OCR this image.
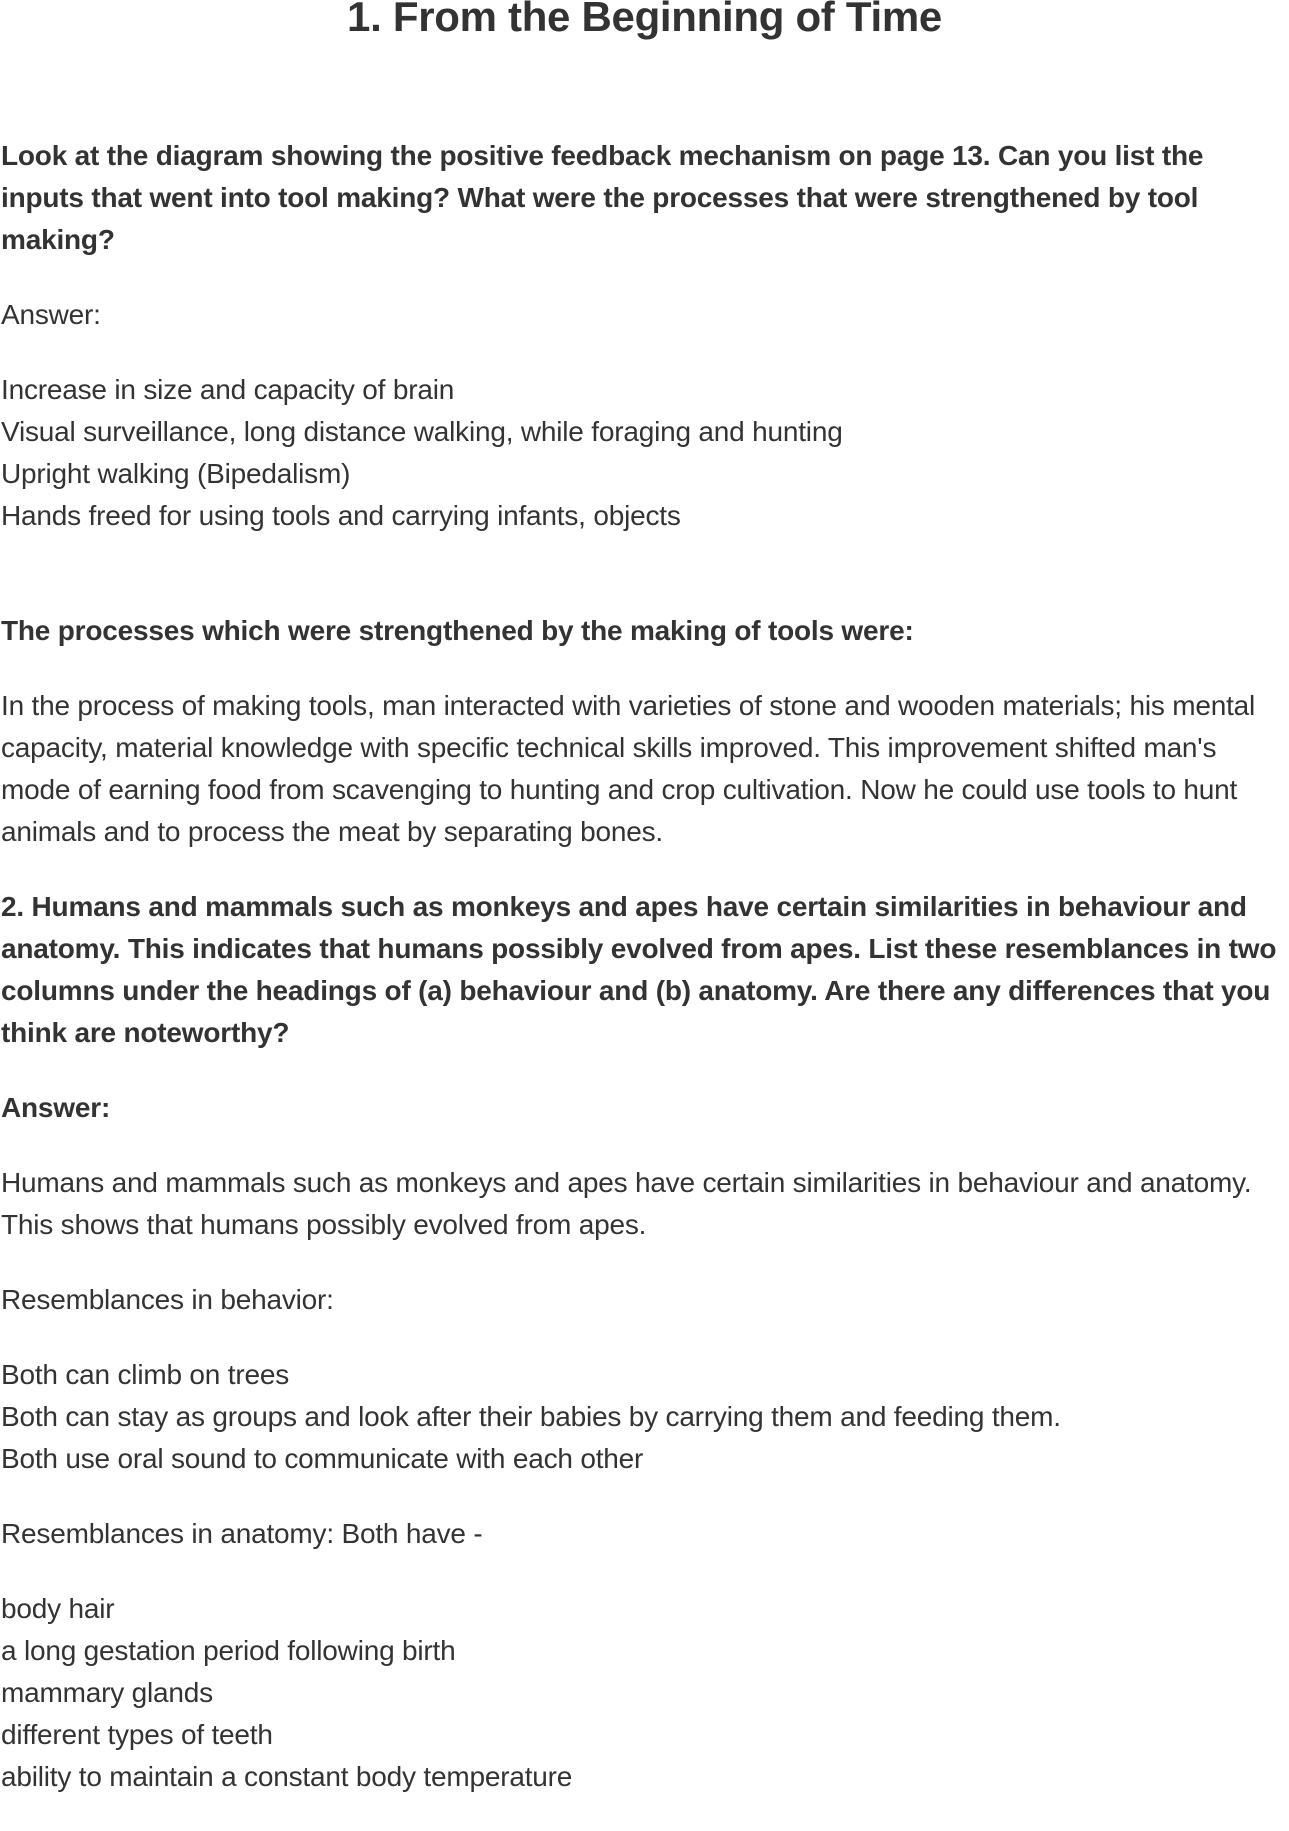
1. From the Beginning of Time

Look at the diagram showing the positive feedback mechanism on page 13. Can you list the inputs that went into tool making? What were the processes that were strengthened by tool making?

Answer:

Increase in size and capacity of brain
Visual surveillance, long distance walking, while foraging and hunting
Upright walking (Bipedalism)
Hands freed for using tools and carrying infants, objects

The processes which were strengthened by the making of tools were:

In the process of making tools, man interacted with varieties of stone and wooden materials; his mental capacity, material knowledge with specific technical skills improved. This improvement shifted man's mode of earning food from scavenging to hunting and crop cultivation. Now he could use tools to hunt animals and to process the meat by separating bones.

2. Humans and mammals such as monkeys and apes have certain similarities in behaviour and anatomy. This indicates that humans possibly evolved from apes. List these resemblances in two columns under the headings of (a) behaviour and (b) anatomy. Are there any differences that you think are noteworthy?

Answer:

Humans and mammals such as monkeys and apes have certain similarities in behaviour and anatomy. This shows that humans possibly evolved from apes.

Resemblances in behavior:

Both can climb on trees
Both can stay as groups and look after their babies by carrying them and feeding them.
Both use oral sound to communicate with each other

Resemblances in anatomy: Both have -

body hair
a long gestation period following birth
mammary glands
different types of teeth
ability to maintain a constant body temperature
